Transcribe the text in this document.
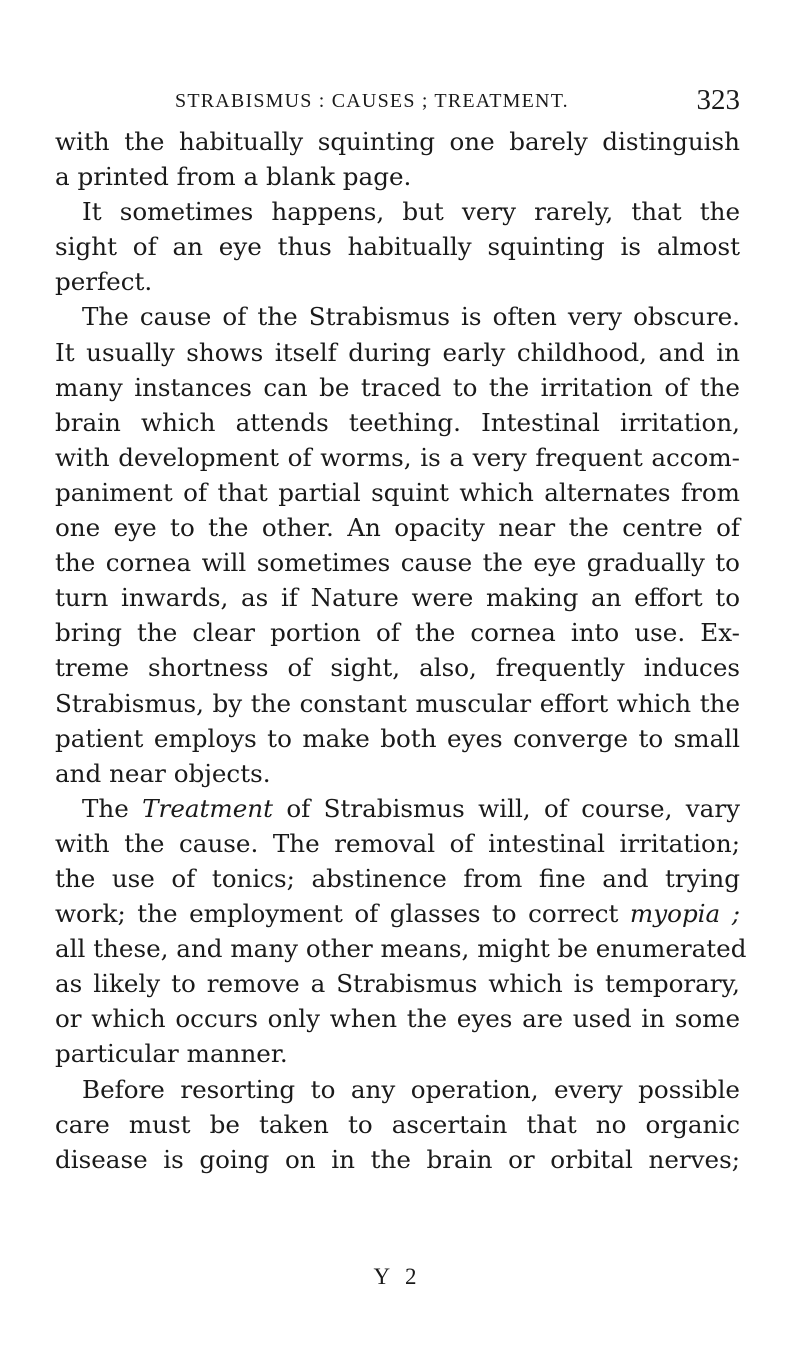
STRABISMUS : CAUSES ; TREATMENT.	323
with the habitually squinting one barely distinguish
a printed from a blank page.
It sometimes happens, but very rarely, that the
sight of an eye thus habitually squinting is almost
perfect.
The cause of the Strabismus is often very obscure.
It usually shows itself during early childhood, and in
many instances can be traced to the irritation of the
brain which attends teething. Intestinal irritation,
with development of worms, is a very frequent accom-
paniment of that partial squint which alternates from
one eye to the other. An opacity near the centre of
the cornea will sometimes cause the eye gradually to
turn inwards, as if Nature were making an effort to
bring the clear portion of the cornea into use. Ex-
treme shortness of sight, also, frequently induces
Strabismus, by the constant muscular effort which the
patient employs to make both eyes converge to small
and near objects.
The Treatment of Strabismus will, of course, vary
with the cause. The removal of intestinal irritation;
the use of tonics; abstinence from fine and trying
work; the employment of glasses to correct myopia ;
all these, and many other means, might be enumerated
as likely to remove a Strabismus which is temporary,
or which occurs only when the eyes are used in some
particular manner.
Before resorting to any operation, every possible
care must be taken to ascertain that no organic
disease is going on in the brain or orbital nerves;
Y 2
